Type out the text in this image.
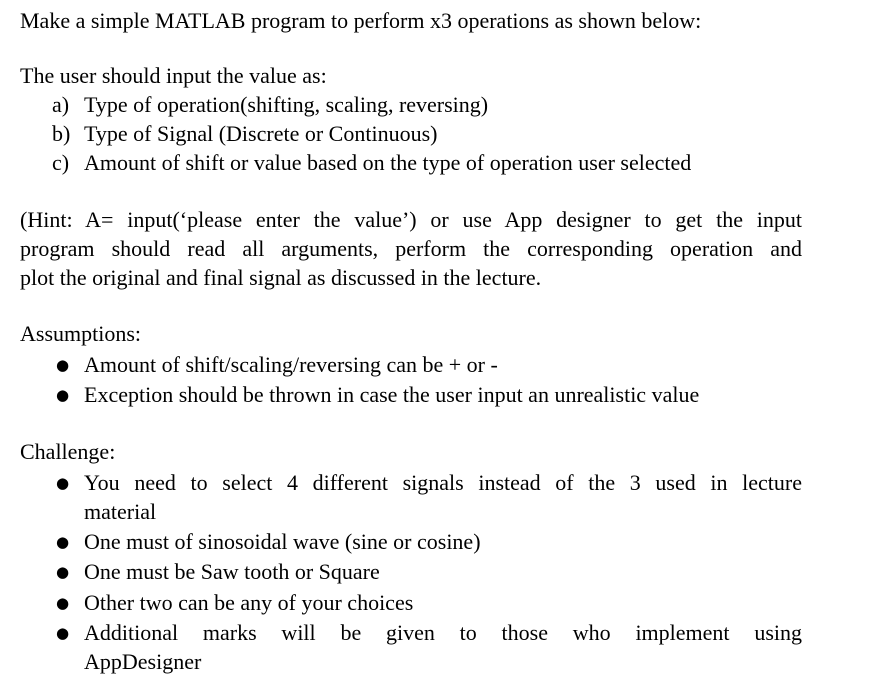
Make a simple MATLAB program to perform x3 operations as shown below:
The user should input the value as:
a) Type of operation(shifting, scaling, reversing)
b) Type of Signal (Discrete or Continuous)
c) Amount of shift or value based on the type of operation user selected
(Hint: A= input(‘please enter the value’) or use App designer to get the input
program should read all arguments, perform the corresponding operation and
plot the original and final signal as discussed in the lecture.
Assumptions:
● Amount of shift/scaling/reversing can be + or -
● Exception should be thrown in case the user input an unrealistic value
Challenge:
● You need to select 4 different signals instead of the 3 used in lecture
material
● One must of sinosoidal wave (sine or cosine)
● One must be Saw tooth or Square
● Other two can be any of your choices
● Additional marks will be given to those who implement using
AppDesigner
